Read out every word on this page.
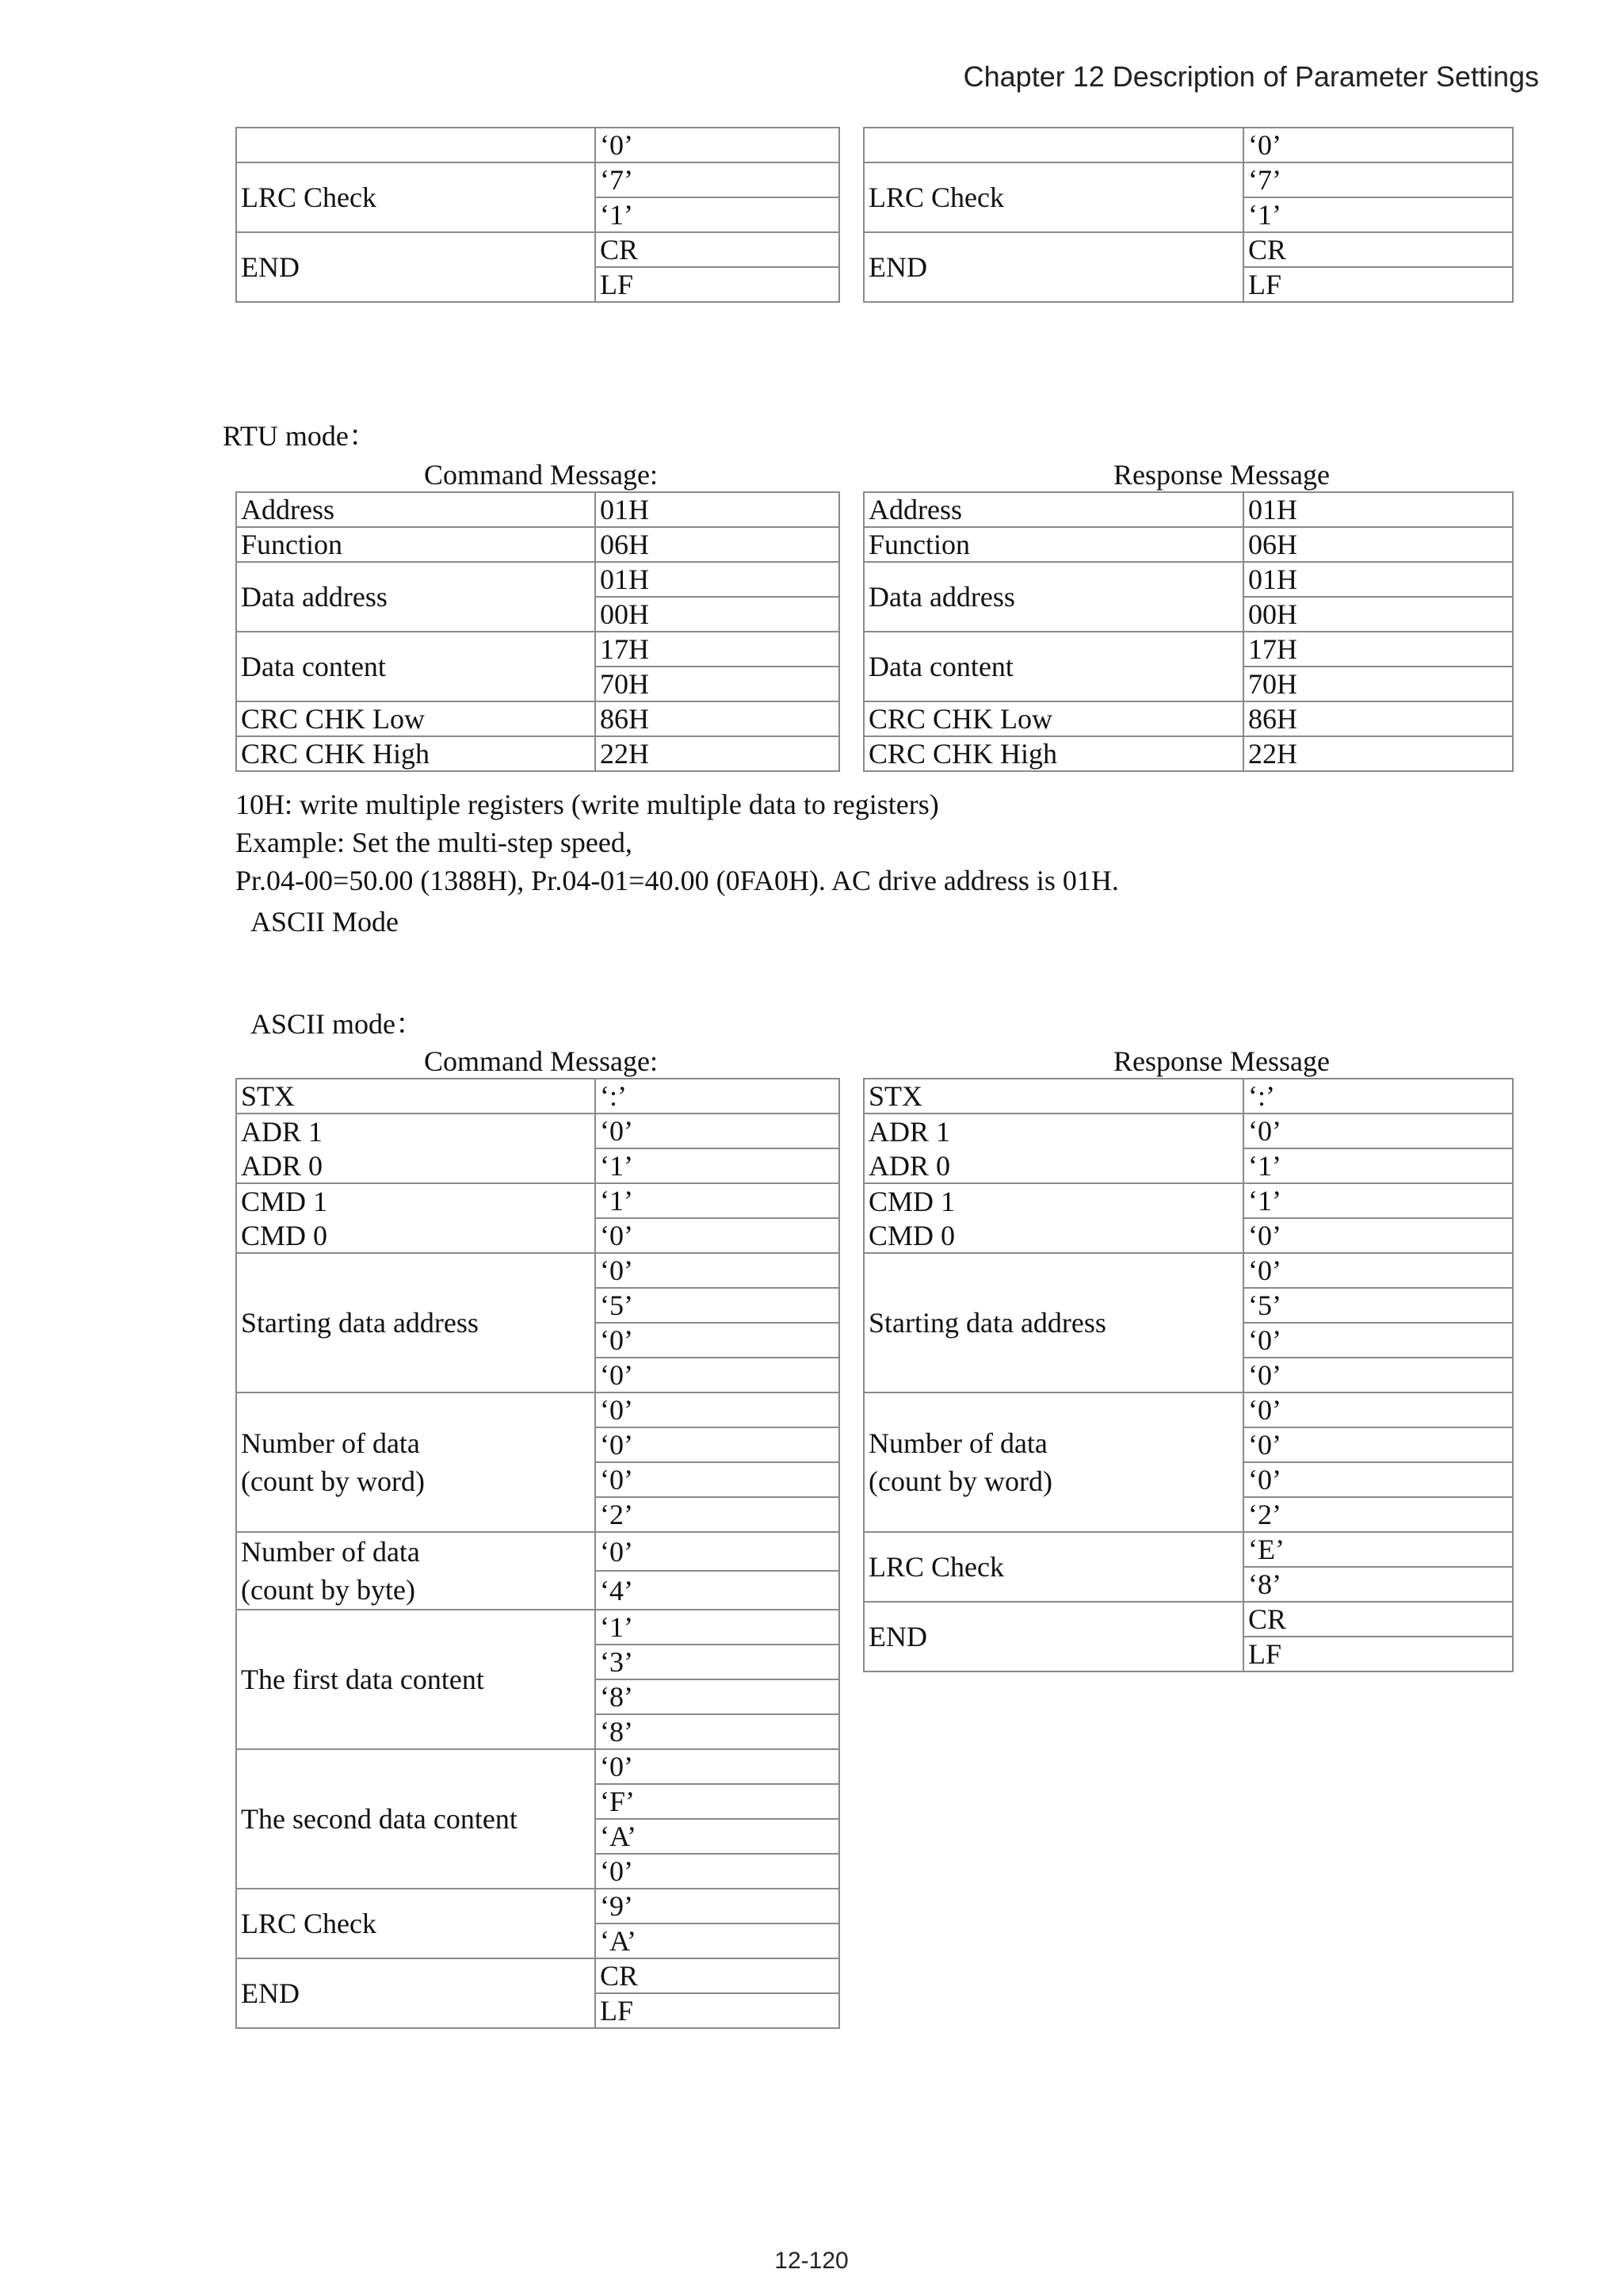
Chapter 12 Description of Parameter Settings
	‘0’
LRC Check	‘7’
	‘1’
END	CR
	LF
	‘0’
LRC Check	‘7’
	‘1’
END	CR
	LF
RTU mode：
Command Message:	Response Message
Address	01H
Function	06H
Data address	01H
	00H
Data content	17H
	70H
CRC CHK Low	86H
CRC CHK High	22H
Address	01H
Function	06H
Data address	01H
	00H
Data content	17H
	70H
CRC CHK Low	86H
CRC CHK High	22H
10H: write multiple registers (write multiple data to registers)
Example: Set the multi-step speed,
Pr.04-00=50.00 (1388H), Pr.04-01=40.00 (0FA0H). AC drive address is 01H.
ASCII Mode
ASCII mode：
Command Message:	Response Message
STX	‘:’
ADR 1	‘0’
ADR 0	‘1’
CMD 1	‘1’
CMD 0	‘0’
Starting data address	‘0’
	‘5’
	‘0’
	‘0’
Number of data
(count by word)	‘0’
	‘0’
	‘0’
	‘2’
Number of data
(count by byte)	‘0’
	‘4’
The first data content	‘1’
	‘3’
	‘8’
	‘8’
The second data content	‘0’
	‘F’
	‘A’
	‘0’
LRC Check	‘9’
	‘A’
END	CR
	LF
STX	‘:’
ADR 1	‘0’
ADR 0	‘1’
CMD 1	‘1’
CMD 0	‘0’
Starting data address	‘0’
	‘5’
	‘0’
	‘0’
Number of data
(count by word)	‘0’
	‘0’
	‘0’
	‘2’
LRC Check	‘E’
	‘8’
END	CR
	LF
12-120
